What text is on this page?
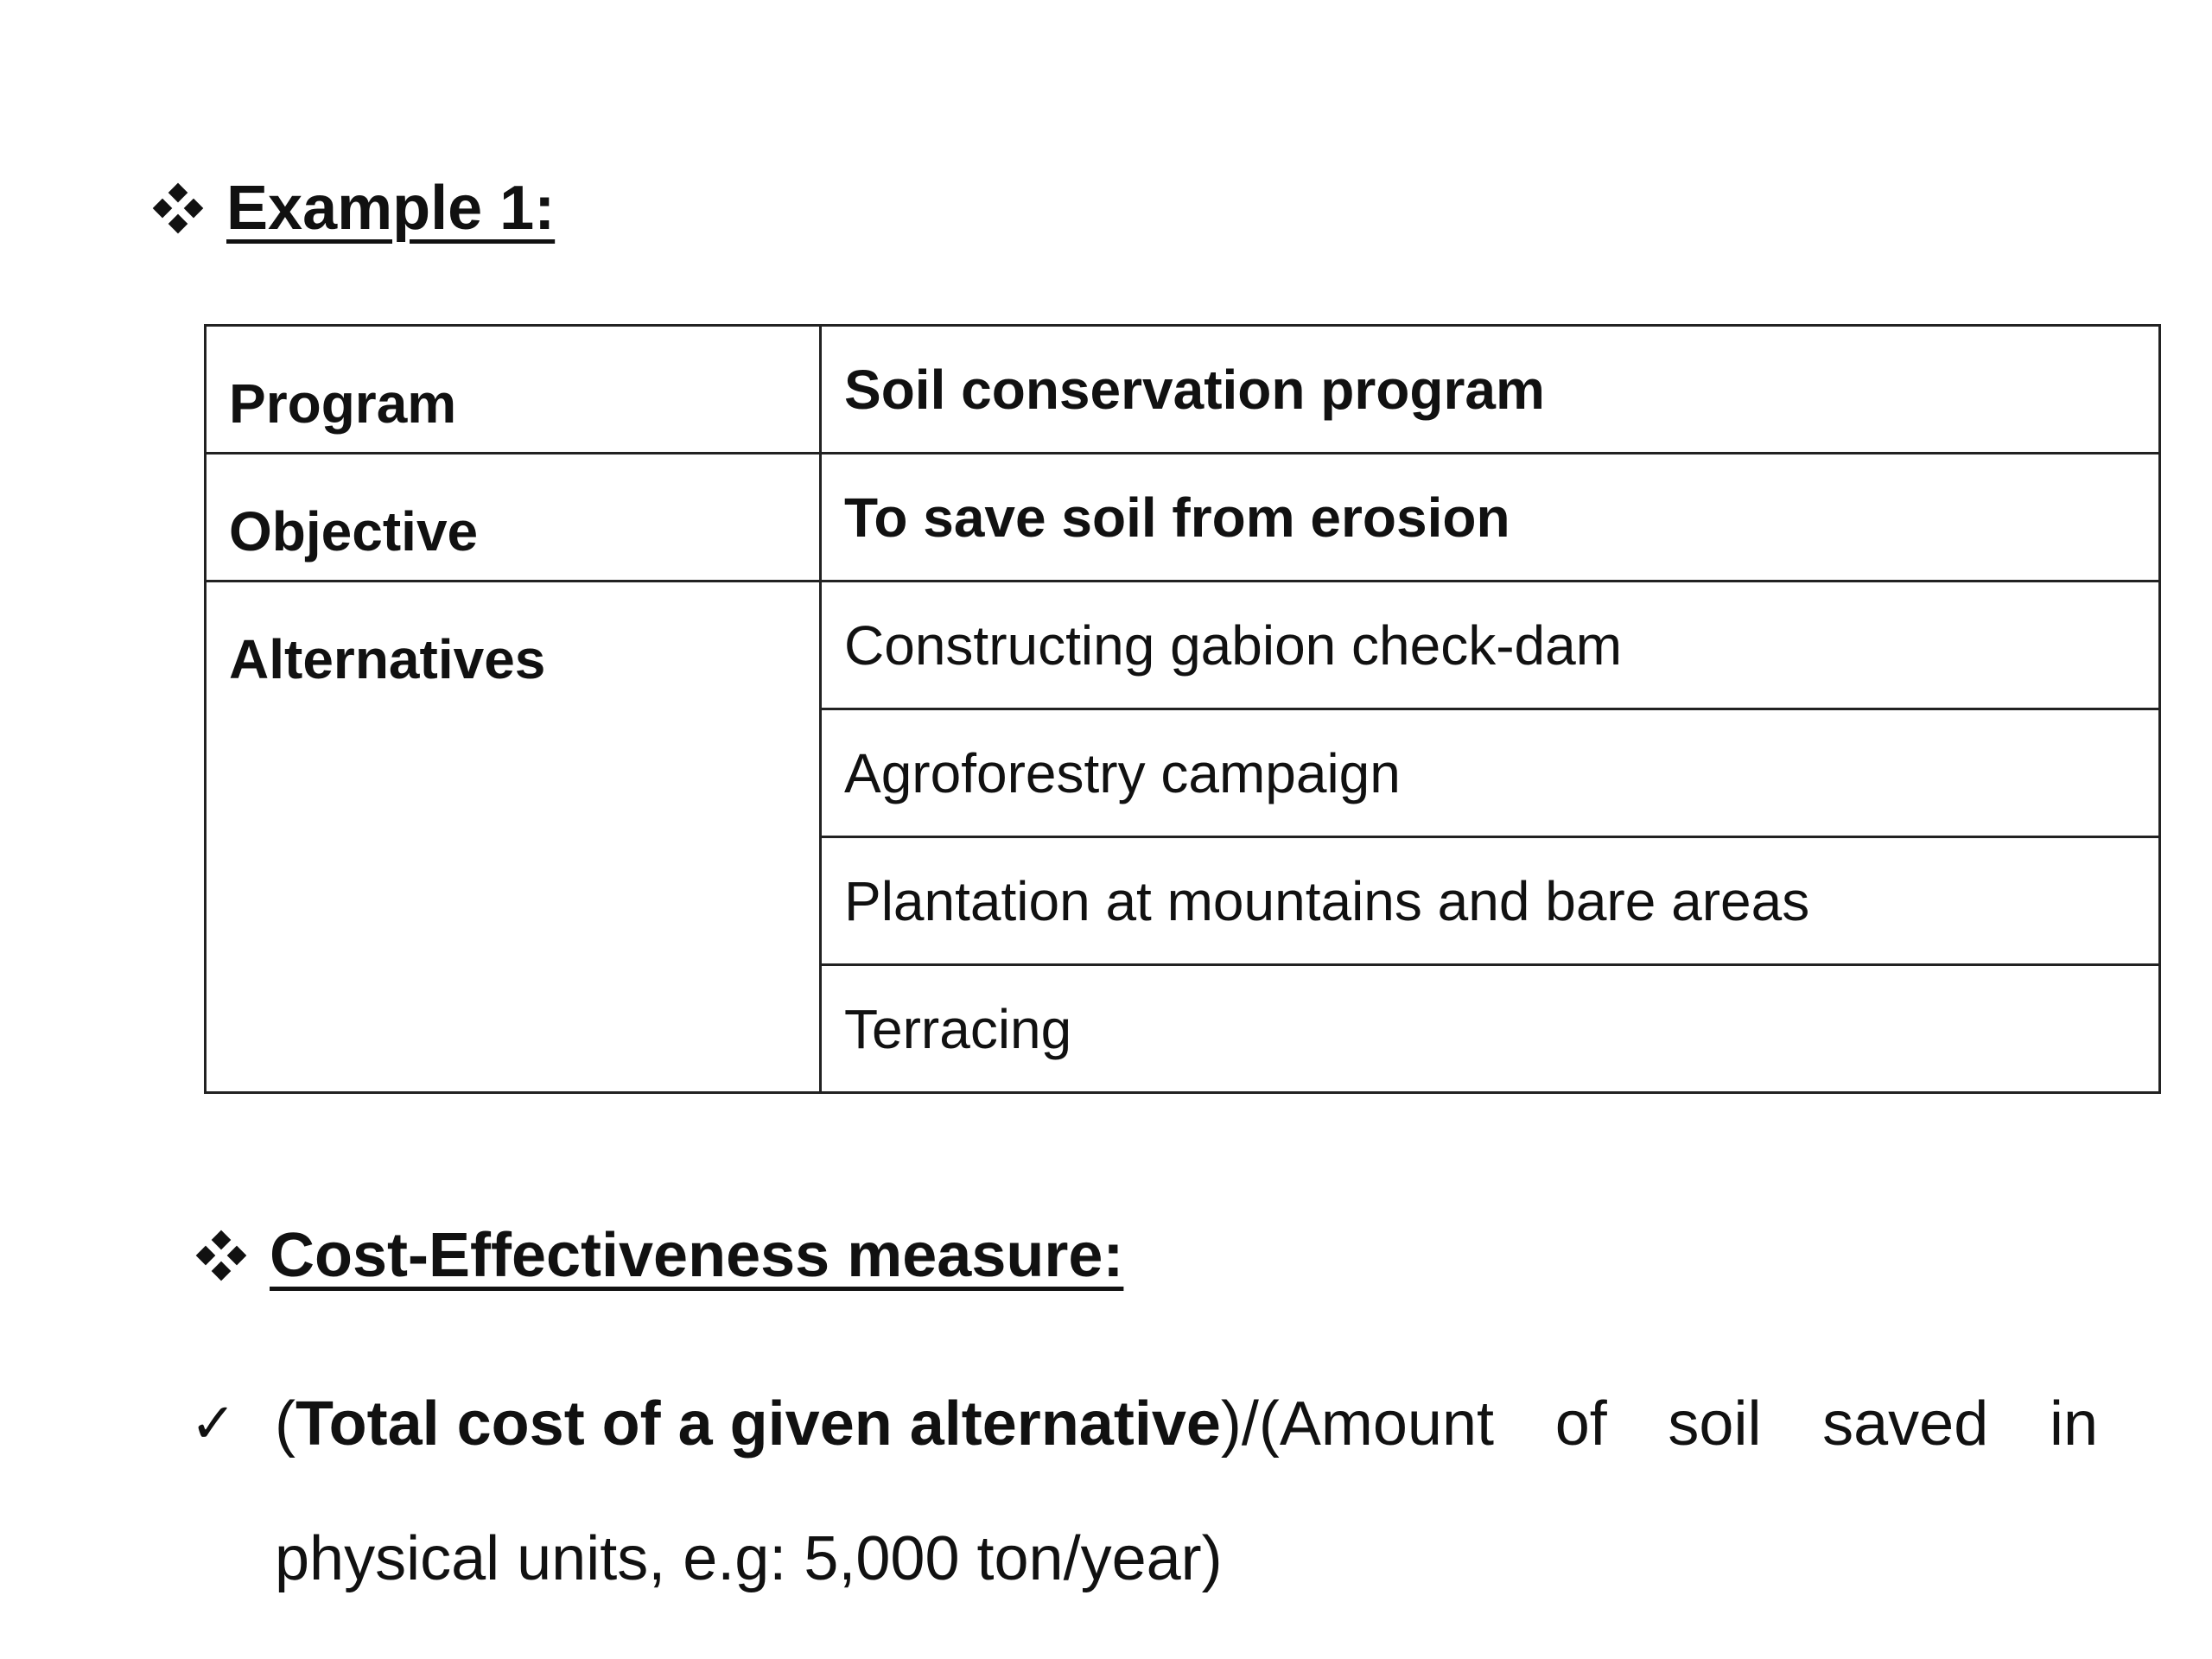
Example 1:
Program	Soil conservation program
Objective	To save soil from erosion
Alternatives	Constructing gabion check-dam
	Agroforestry campaign
	Plantation at mountains and bare areas
	Terracing
Cost-Effectiveness measure:
✓ (Total cost of a given alternative)/(Amount of soil saved in
physical units, e.g: 5,000 ton/year)
